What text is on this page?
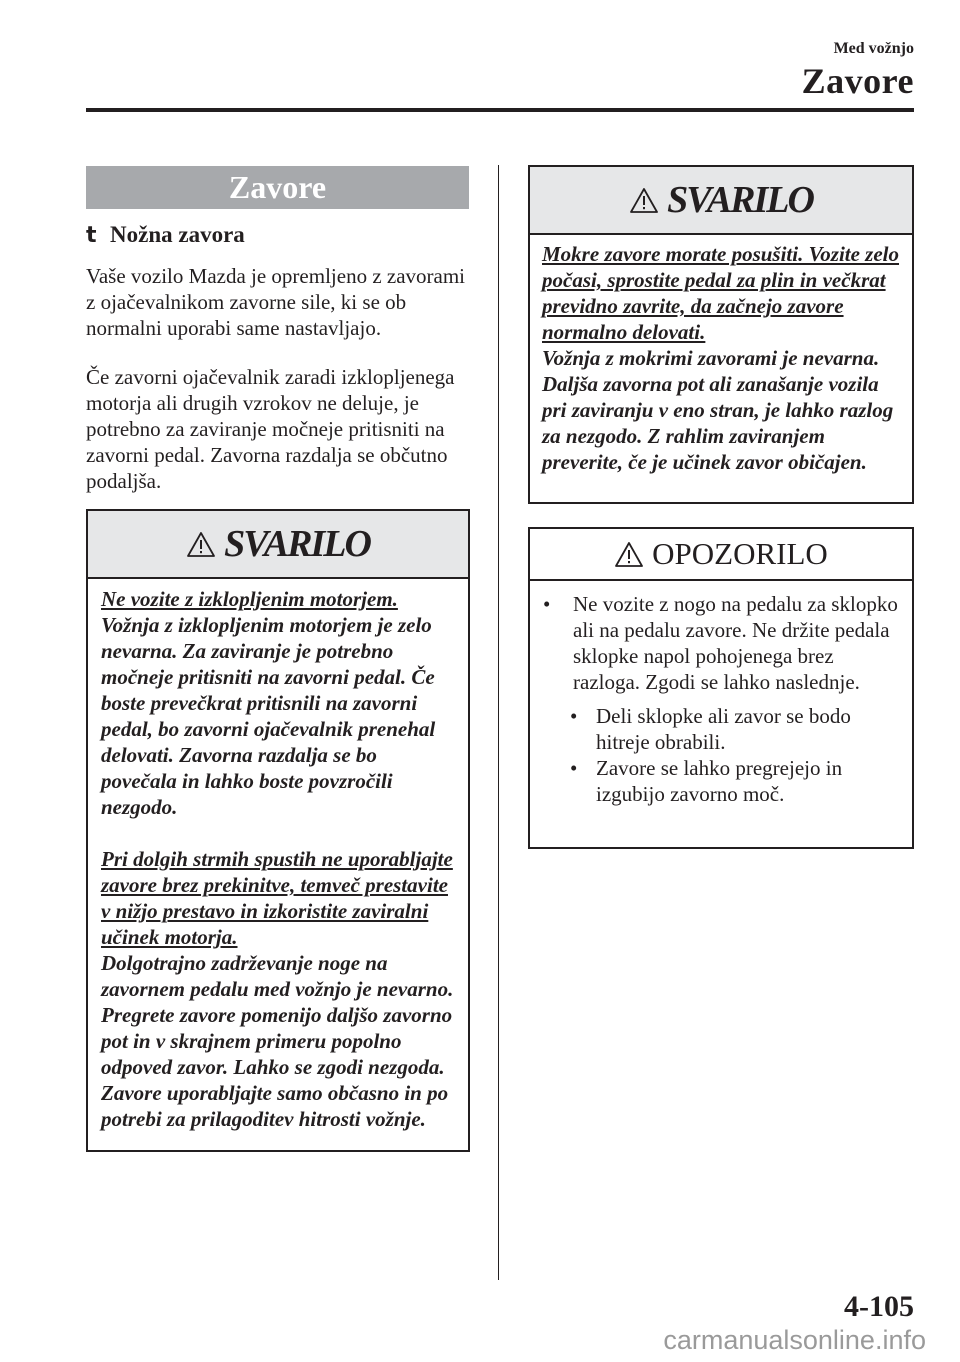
Med vožnjo
Zavore
Zavore
t Nožna zavora
Vaše vozilo Mazda je opremljeno z zavorami z ojačevalnikom zavorne sile, ki se ob normalni uporabi same nastavljajo.
Če zavorni ojačevalnik zaradi izklopljenega motorja ali drugih vzrokov ne deluje, je potrebno za zaviranje močneje pritisniti na zavorni pedal. Zavorna razdalja se občutno podaljša.
SVARILO
Ne vozite z izklopljenim motorjem.
Vožnja z izklopljenim motorjem je zelo nevarna. Za zaviranje je potrebno močneje pritisniti na zavorni pedal. Če boste prevečkrat pritisnili na zavorni pedal, bo zavorni ojačevalnik prenehal delovati. Zavorna razdalja se bo povečala in lahko boste povzročili nezgodo.
Pri dolgih strmih spustih ne uporabljajte zavore brez prekinitve, temveč prestavite v nižjo prestavo in izkoristite zaviralni učinek motorja.
Dolgotrajno zadrževanje noge na zavornem pedalu med vožnjo je nevarno. Pregrete zavore pomenijo daljšo zavorno pot in v skrajnem primeru popolno odpoved zavor. Lahko se zgodi nezgoda. Zavore uporabljajte samo občasno in po potrebi za prilagoditev hitrosti vožnje.
SVARILO
Mokre zavore morate posušiti. Vozite zelo počasi, sprostite pedal za plin in večkrat previdno zavrite, da začnejo zavore normalno delovati.
Vožnja z mokrimi zavorami je nevarna. Daljša zavorna pot ali zanašanje vozila pri zaviranju v eno stran, je lahko razlog za nezgodo. Z rahlim zaviranjem preverite, če je učinek zavor običajen.
OPOZORILO
•	Ne vozite z nogo na pedalu za sklopko ali na pedalu zavore. Ne držite pedala sklopke napol pohojenega brez razloga. Zgodi se lahko naslednje.
• Deli sklopke ali zavor se bodo hitreje obrabili.
• Zavore se lahko pregrejejo in izgubijo zavorno moč.
4-105
carmanualsonline.info
